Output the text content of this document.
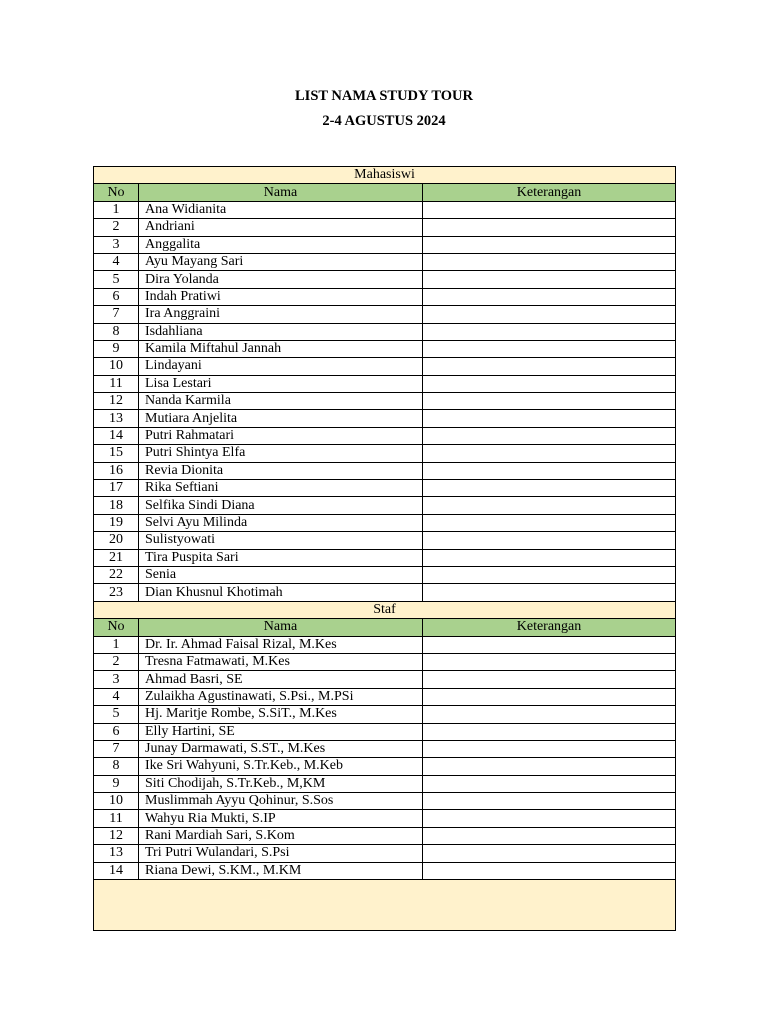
LIST NAMA STUDY TOUR
2-4 AGUSTUS 2024
Mahasiswi		
No	Nama	Keterangan
1	Ana Widianita	
2	Andriani	
3	Anggalita	
4	Ayu Mayang Sari	
5	Dira Yolanda	
6	Indah Pratiwi	
7	Ira Anggraini	
8	Isdahliana	
9	Kamila Miftahul Jannah	
10	Lindayani	
11	Lisa Lestari	
12	Nanda Karmila	
13	Mutiara Anjelita	
14	Putri Rahmatari	
15	Putri Shintya Elfa	
16	Revia Dionita	
17	Rika Seftiani	
18	Selfika Sindi Diana	
19	Selvi Ayu Milinda	
20	Sulistyowati	
21	Tira Puspita Sari	
22	Senia	
23	Dian Khusnul Khotimah	
Staf		
No	Nama	Keterangan
1	Dr. Ir. Ahmad Faisal Rizal, M.Kes	
2	Tresna Fatmawati, M.Kes	
3	Ahmad Basri, SE	
4	Zulaikha Agustinawati, S.Psi., M.PSi	
5	Hj. Maritje Rombe, S.SiT., M.Kes	
6	Elly Hartini, SE	
7	Junay Darmawati, S.ST., M.Kes	
8	Ike Sri Wahyuni, S.Tr.Keb., M.Keb	
9	Siti Chodijah, S.Tr.Keb., M,KM	
10	Muslimmah Ayyu Qohinur, S.Sos	
11	Wahyu Ria Mukti, S.IP	
12	Rani Mardiah Sari, S.Kom	
13	Tri Putri Wulandari, S.Psi	
14	Riana Dewi, S.KM., M.KM	
